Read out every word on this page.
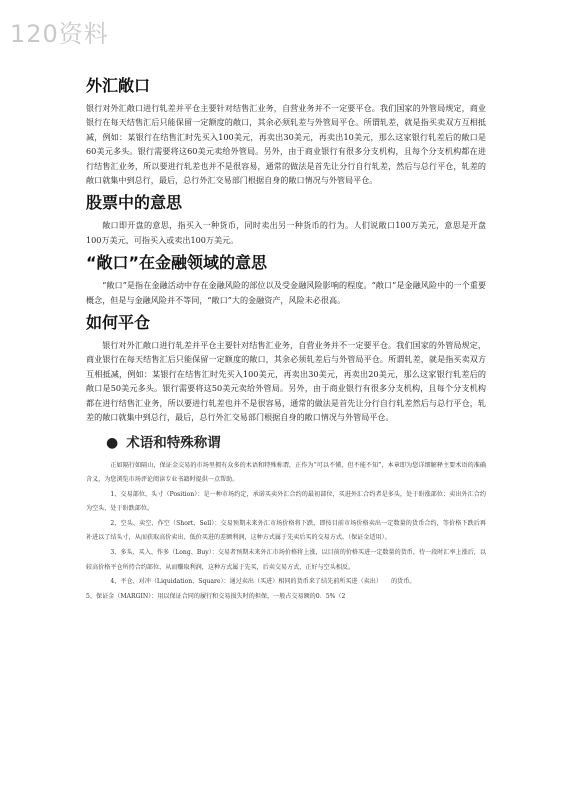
120资料
外汇敞口

银行对外汇敞口进行轧差并平仓主要针对结售汇业务，自营业务并不一定要平仓。我们国家的外管局规定，商业银行在每天结售汇后只能保留一定额度的敞口，其余必须轧差与外管局平仓。所谓轧差，就是指买卖双方互相抵减，例如：某银行在结售汇时先买入100美元，再卖出30美元，再卖出10美元，那么这家银行轧差后的敞口是60美元多头。银行需要将这60美元卖给外管局。另外，由于商业银行有很多分支机构，且每个分支机构都在进行结售汇业务，所以要进行轧差也并不是很容易，通常的做法是首先让分行自行轧差，然后与总行平仓，轧差的敞口就集中到总行，最后，总行外汇交易部门根据自身的敞口情况与外管局平仓。

股票中的意思

敞口即开盘的意思，指买入一种货币，同时卖出另一种货币的行为。人们说敞口100万美元，意思是开盘100万美元，可指买入或卖出100万美元。

“敞口”在金融领域的意思

“敞口”是指在金融活动中存在金融风险的部位以及受金融风险影响的程度。“敞口”是金融风险中的一个重要概念，但是与金融风险并不等同，“敞口”大的金融资产，风险未必很高。

如何平仓

银行对外汇敞口进行轧差并平仓主要针对结售汇业务，自营业务并不一定要平仓。我们国家的外管局规定，商业银行在每天结售汇后只能保留一定额度的敞口，其余必须轧差后与外管局平仓。所谓轧差，就是指买卖双方互相抵减，例如：某银行在结售汇时先买入100美元，再卖出30美元，再卖出20美元，那么这家银行轧差后的敞口是50美元多头。银行需要将这50美元卖给外管局。另外，由于商业银行有很多分支机构，且每个分支机构都在进行结售汇业务，所以要进行轧差也并不是很容易，通常的做法是首先让分行自行轧差然后与总行平仓，轧差的敞口就集中到总行，最后，总行外汇交易部门根据自身的敞口情况与外管局平仓。

● 术语和特殊称谓

正如隔行如隔山，保证金交易的市场里拥有众多的术语和特殊称谓，正作为“可以不懂，但不能不知”，本章即为您详细解释主要术语的准确含义，为您浏览市场评论阅读专业书籍时提供一点帮助。

1、交易部位、头寸（Position）：是一种市场约定，承诺买卖外汇合约的最初部位，买进外汇合约者是多头，处于盼涨部位；卖出外汇合约为空头，处于盼跌部位。

2、空头、卖空、作空（Short、Sell）：交易预期未来外汇市场价格将下跌，即按目前市场价格卖出一定数量的货币合约，等价格下跌后再补进以了结头寸，从而获取高价卖出、低价买进的差额利润，这种方式属于先卖后买的交易方式。（保证金适用）。

3、多头、买入、作多（Long、Buy）：交易者预期未来外汇市场价格将上涨，以目前的价格买进一定数量的货币，待一段时汇率上涨后，以较高价格平仓所持合约部位，从而赚取利润，这种方式属于先买，后卖交易方式，正好与空头相反。

4、平仓、对冲（Liquidation、Square）：通过卖出（买进）相同的货币来了结先前所买进（卖出）　　的货币。

5、保证金（MARGIN）：用以保证合同的履行和交易损失时的担保，一般占交易额的0．5%（2
